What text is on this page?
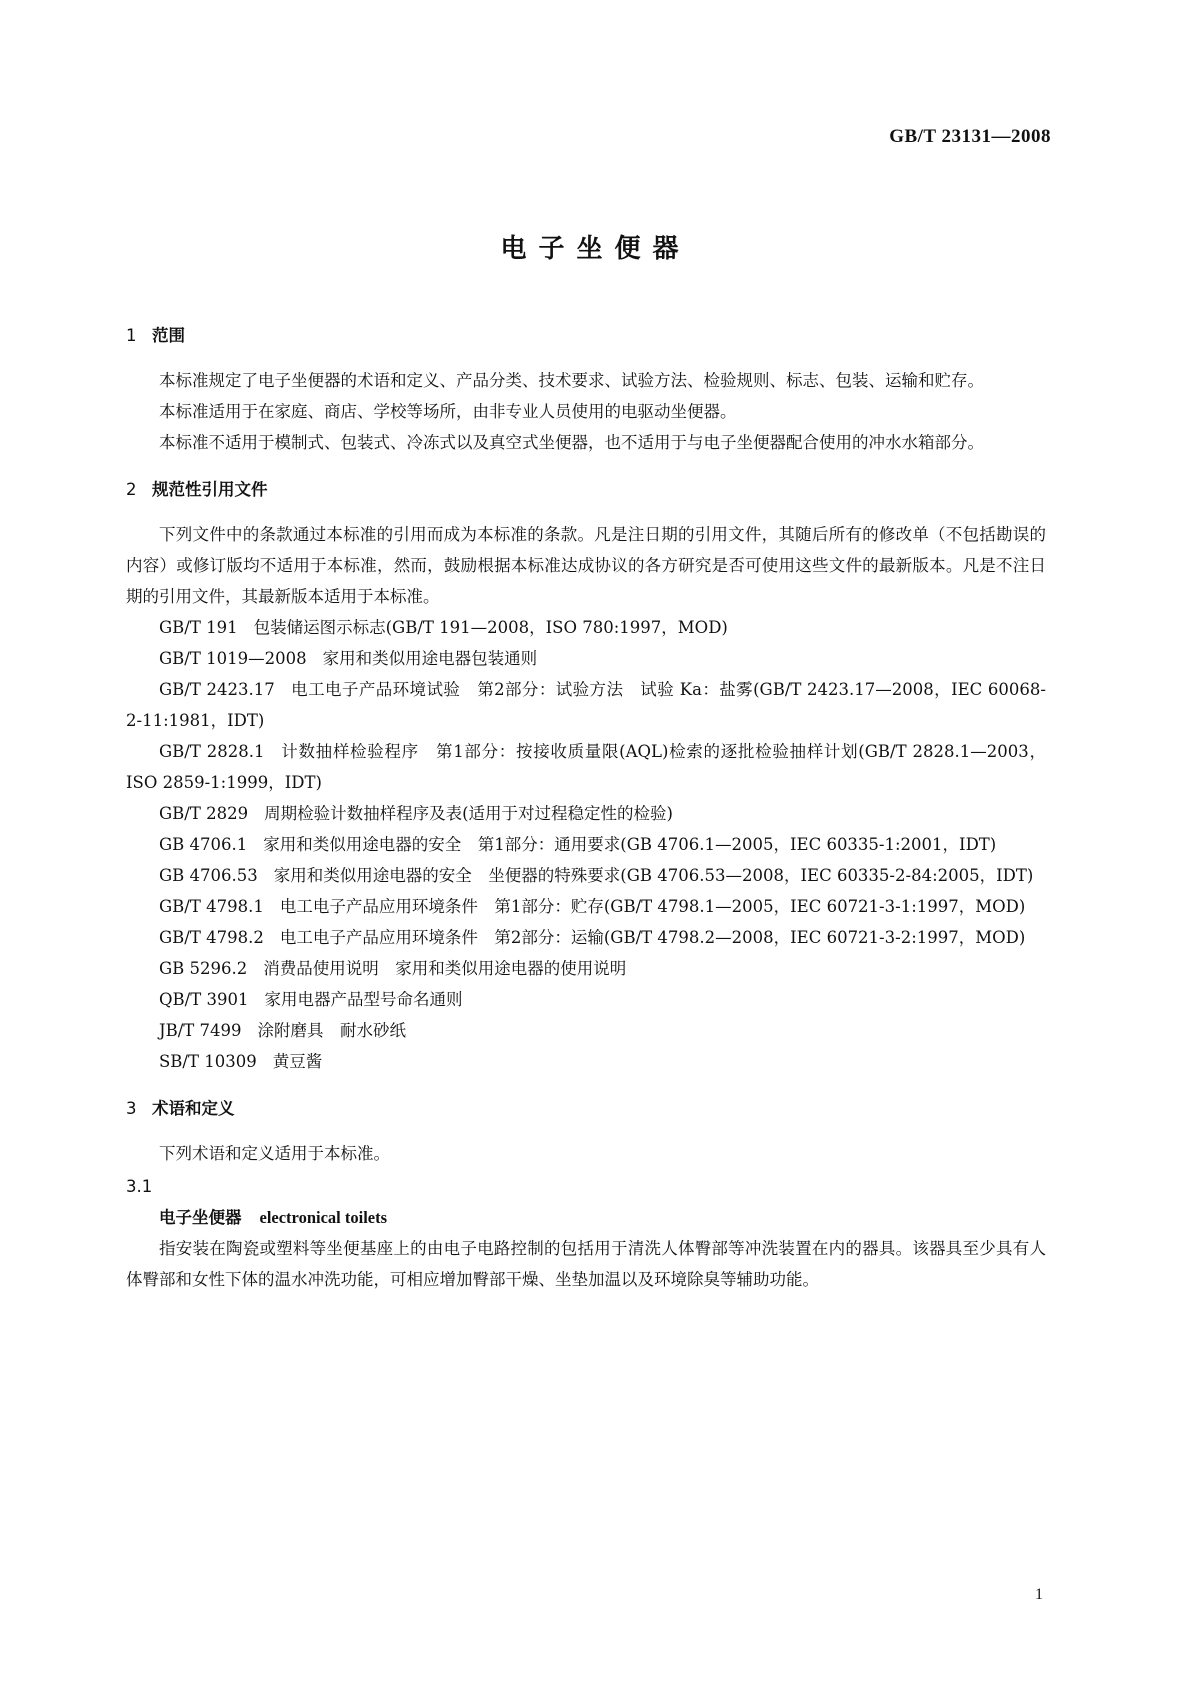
GB/T 23131—2008
电子坐便器
1 范围

本标准规定了电子坐便器的术语和定义、产品分类、技术要求、试验方法、检验规则、标志、包装、运输和贮存。

本标准适用于在家庭、商店、学校等场所，由非专业人员使用的电驱动坐便器。

本标准不适用于模制式、包装式、冷冻式以及真空式坐便器，也不适用于与电子坐便器配合使用的冲水水箱部分。

2 规范性引用文件

下列文件中的条款通过本标准的引用而成为本标准的条款。凡是注日期的引用文件，其随后所有的修改单（不包括勘误的内容）或修订版均不适用于本标准，然而，鼓励根据本标准达成协议的各方研究是否可使用这些文件的最新版本。凡是不注日期的引用文件，其最新版本适用于本标准。

GB/T 191 包装储运图示标志(GB/T 191—2008，ISO 780:1997，MOD)

GB/T 1019—2008 家用和类似用途电器包装通则

GB/T 2423.17 电工电子产品环境试验　第2部分：试验方法　试验 Ka：盐雾(GB/T 2423.17—2008，IEC 60068-2-11:1981，IDT)

GB/T 2828.1 计数抽样检验程序　第1部分：按接收质量限(AQL)检索的逐批检验抽样计划(GB/T 2828.1—2003，ISO 2859-1:1999，IDT)

GB/T 2829 周期检验计数抽样程序及表(适用于对过程稳定性的检验)

GB 4706.1 家用和类似用途电器的安全　第1部分：通用要求(GB 4706.1—2005，IEC 60335-1:2001，IDT)

GB 4706.53 家用和类似用途电器的安全　坐便器的特殊要求(GB 4706.53—2008，IEC 60335-2-84:2005，IDT)

GB/T 4798.1 电工电子产品应用环境条件　第1部分：贮存(GB/T 4798.1—2005，IEC 60721-3-1:1997，MOD)

GB/T 4798.2 电工电子产品应用环境条件　第2部分：运输(GB/T 4798.2—2008，IEC 60721-3-2:1997，MOD)

GB 5296.2 消费品使用说明　家用和类似用途电器的使用说明

QB/T 3901 家用电器产品型号命名通则

JB/T 7499 涂附磨具　耐水砂纸

SB/T 10309 黄豆酱

3 术语和定义

下列术语和定义适用于本标准。

3.1
电子坐便器 electronical toilets

指安装在陶瓷或塑料等坐便基座上的由电子电路控制的包括用于清洗人体臀部等冲洗装置在内的器具。该器具至少具有人体臀部和女性下体的温水冲洗功能，可相应增加臀部干燥、坐垫加温以及环境除臭等辅助功能。

1
